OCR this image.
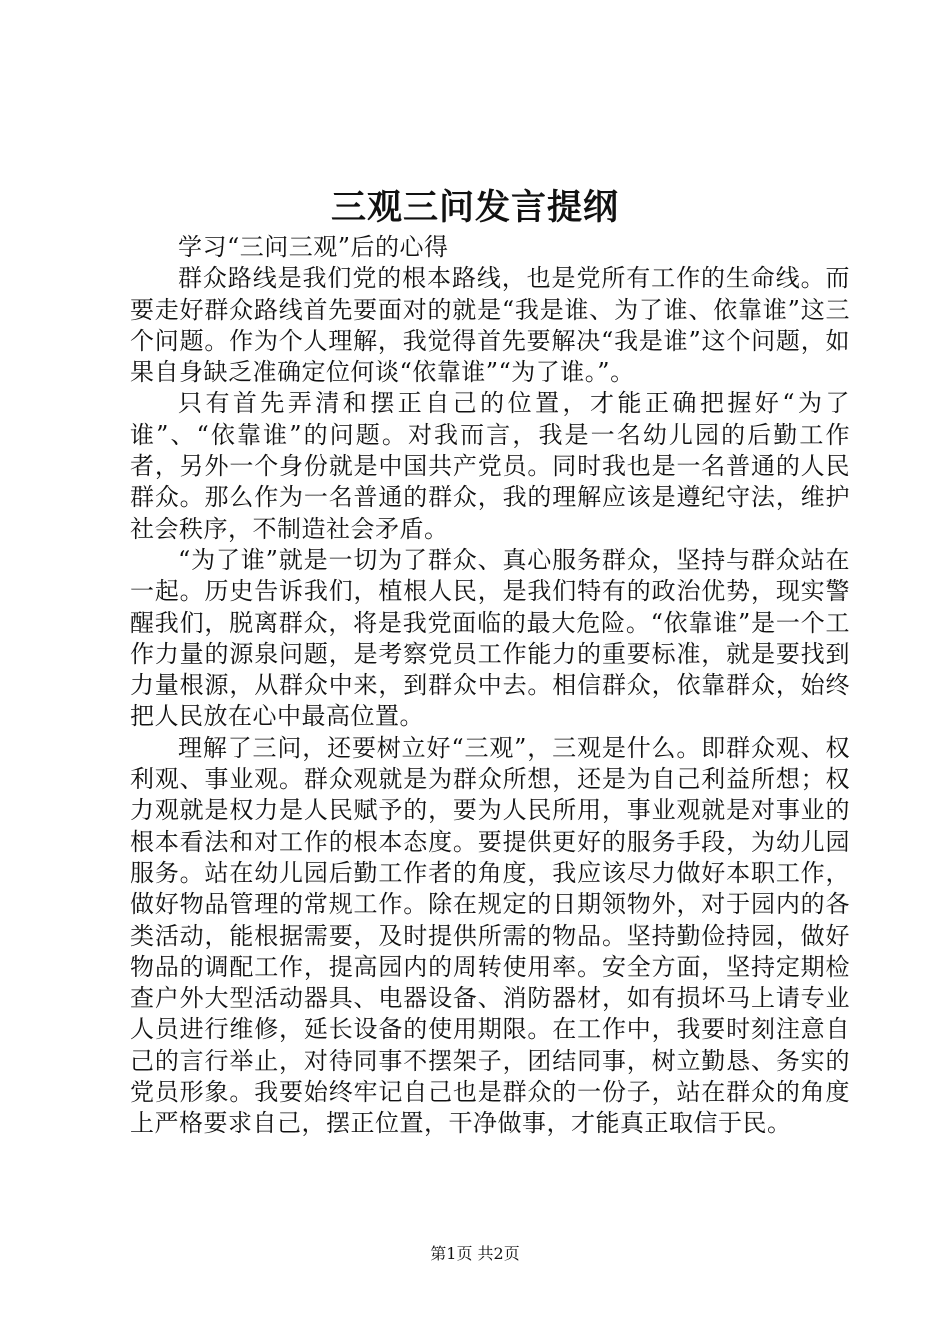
三观三问发言提纲

学习“三问三观”后的心得

群众路线是我们党的根本路线，也是党所有工作的生命线。而要走好群众路线首先要面对的就是“我是谁、为了谁、依靠谁”这三个问题。作为个人理解，我觉得首先要解决“我是谁”这个问题，如果自身缺乏准确定位何谈“依靠谁”“为了谁。”。

只有首先弄清和摆正自己的位置，才能正确把握好“为了谁”、“依靠谁”的问题。对我而言，我是一名幼儿园的后勤工作者，另外一个身份就是中国共产党员。同时我也是一名普通的人民群众。那么作为一名普通的群众，我的理解应该是遵纪守法，维护社会秩序，不制造社会矛盾。

“为了谁”就是一切为了群众、真心服务群众，坚持与群众站在一起。历史告诉我们，植根人民，是我们特有的政治优势，现实警醒我们，脱离群众，将是我党面临的最大危险。“依靠谁”是一个工作力量的源泉问题，是考察党员工作能力的重要标准，就是要找到力量根源，从群众中来，到群众中去。相信群众，依靠群众，始终把人民放在心中最高位置。

理解了三问，还要树立好“三观”，三观是什么。即群众观、权利观、事业观。群众观就是为群众所想，还是为自己利益所想；权力观就是权力是人民赋予的，要为人民所用，事业观就是对事业的根本看法和对工作的根本态度。要提供更好的服务手段，为幼儿园服务。站在幼儿园后勤工作者的角度，我应该尽力做好本职工作，做好物品管理的常规工作。除在规定的日期领物外，对于园内的各类活动，能根据需要，及时提供所需的物品。坚持勤俭持园，做好物品的调配工作，提高园内的周转使用率。安全方面，坚持定期检查户外大型活动器具、电器设备、消防器材，如有损坏马上请专业人员进行维修，延长设备的使用期限。在工作中，我要时刻注意自己的言行举止，对待同事不摆架子，团结同事，树立勤恳、务实的党员形象。我要始终牢记自己也是群众的一份子，站在群众的角度上严格要求自己，摆正位置，干净做事，才能真正取信于民。

第1页 共2页
